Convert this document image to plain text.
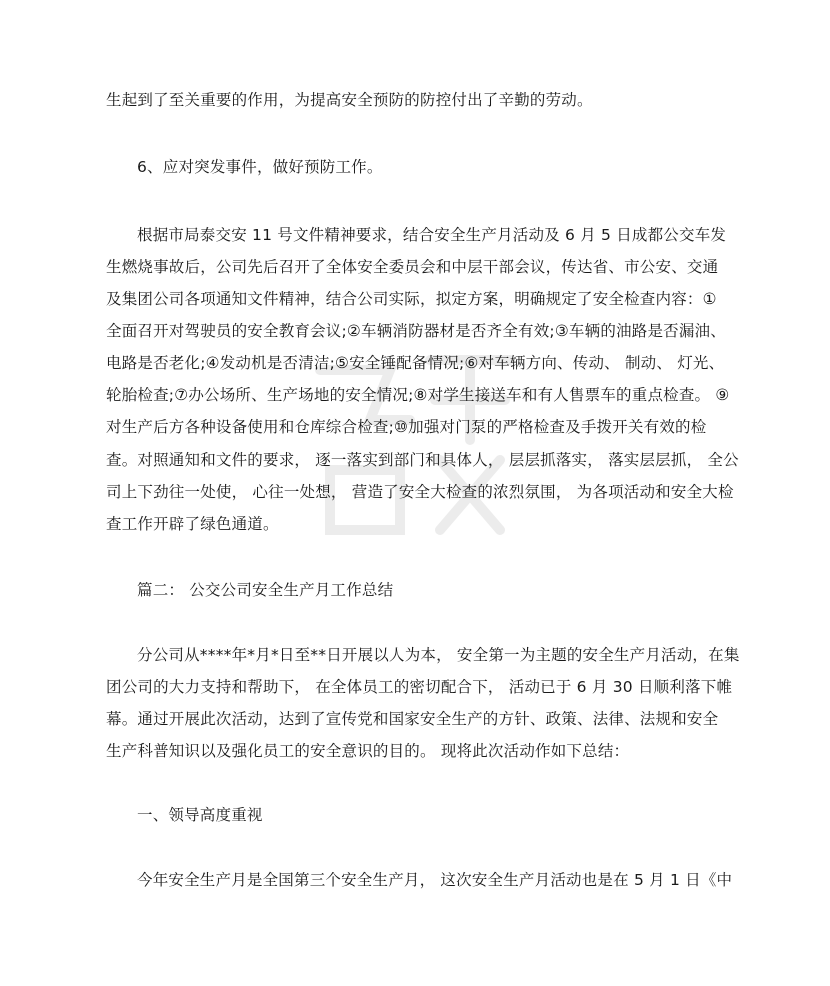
生起到了至关重要的作用，为提高安全预防的防控付出了辛勤的劳动。
6、应对突发事件，做好预防工作。
根据市局泰交安 11 号文件精神要求，结合安全生产月活动及 6 月 5 日成都公交车发
生燃烧事故后，公司先后召开了全体安全委员会和中层干部会议，传达省、市公安、交通
及集团公司各项通知文件精神，结合公司实际，拟定方案，明确规定了安全检查内容：①
全面召开对驾驶员的安全教育会议;②车辆消防器材是否齐全有效;③车辆的油路是否漏油、
电路是否老化;④发动机是否清洁;⑤安全锤配备情况;⑥对车辆方向、传动、 制动、 灯光、
轮胎检查;⑦办公场所、生产场地的安全情况;⑧对学生接送车和有人售票车的重点检查。 ⑨
对生产后方各种设备使用和仓库综合检查;⑩加强对门泵的严格检查及手拨开关有效的检
查。对照通知和文件的要求， 逐一落实到部门和具体人， 层层抓落实， 落实层层抓， 全公
司上下劲往一处使， 心往一处想， 营造了安全大检查的浓烈氛围， 为各项活动和安全大检
查工作开辟了绿色通道。
篇二： 公交公司安全生产月工作总结
分公司从****年*月*日至**日开展以人为本， 安全第一为主题的安全生产月活动，在集
团公司的大力支持和帮助下， 在全体员工的密切配合下， 活动已于 6 月 30 日顺利落下帷
幕。通过开展此次活动，达到了宣传党和国家安全生产的方针、政策、法律、法规和安全
生产科普知识以及强化员工的安全意识的目的。 现将此次活动作如下总结：
一、领导高度重视
今年安全生产月是全国第三个安全生产月， 这次安全生产月活动也是在 5 月 1 日《中
